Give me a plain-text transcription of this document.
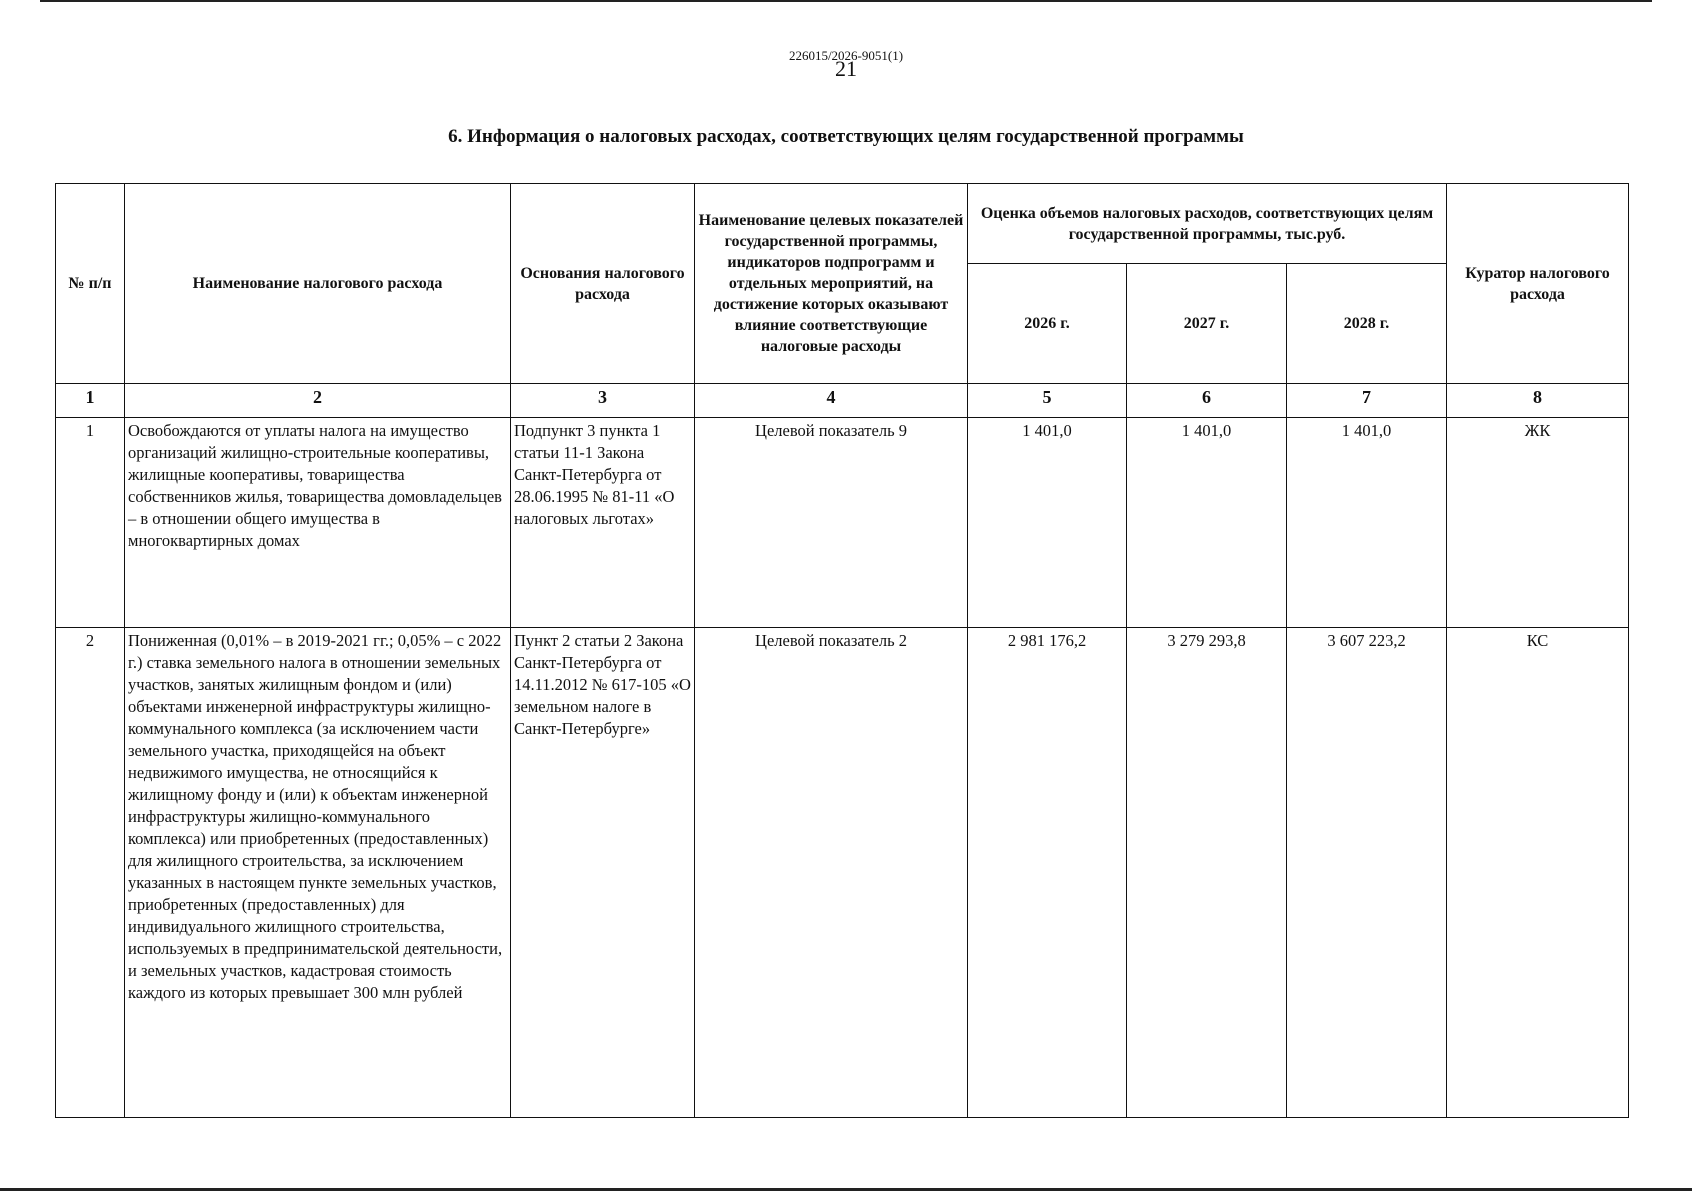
226015/2026-9051(1)
21
6. Информация о налоговых расходах, соответствующих целям государственной программы
№ п/п	Наименование налогового расхода	Основания налогового расхода	Наименование целевых показателей государственной программы, индикаторов подпрограмм и отдельных мероприятий, на достижение которых оказывают влияние соответствующие налоговые расходы	Оценка объемов налоговых расходов, соответствующих целям государственной программы, тыс.руб.			Куратор налогового расхода
				2026 г.	2027 г.	2028 г.	
1	2	3	4	5	6	7	8
1	Освобождаются от уплаты налога на имущество организаций жилищно-строительные кооперативы, жилищные кооперативы, товарищества собственников жилья, товарищества домовладельцев – в отношении общего имущества в многоквартирных домах	Подпункт 3 пункта 1 статьи 11-1 Закона Санкт-Петербурга от 28.06.1995 № 81-11 «О налоговых льготах»	Целевой показатель 9	1 401,0	1 401,0	1 401,0	ЖК
2	Пониженная (0,01% – в 2019-2021 гг.; 0,05% – с 2022 г.) ставка земельного налога в отношении земельных участков, занятых жилищным фондом и (или) объектами инженерной инфраструктуры жилищно-коммунального комплекса (за исключением части земельного участка, приходящейся на объект недвижимого имущества, не относящийся к жилищному фонду и (или) к объектам инженерной инфраструктуры жилищно-коммунального комплекса) или приобретенных (предоставленных) для жилищного строительства, за исключением указанных в настоящем пункте земельных участков, приобретенных (предоставленных) для индивидуального жилищного строительства, используемых в предпринимательской деятельности, и земельных участков, кадастровая стоимость каждого из которых превышает 300 млн рублей	Пункт 2 статьи 2 Закона Санкт-Петербурга от 14.11.2012 № 617-105 «О земельном налоге в Санкт-Петербурге»	Целевой показатель 2	2 981 176,2	3 279 293,8	3 607 223,2	КС
